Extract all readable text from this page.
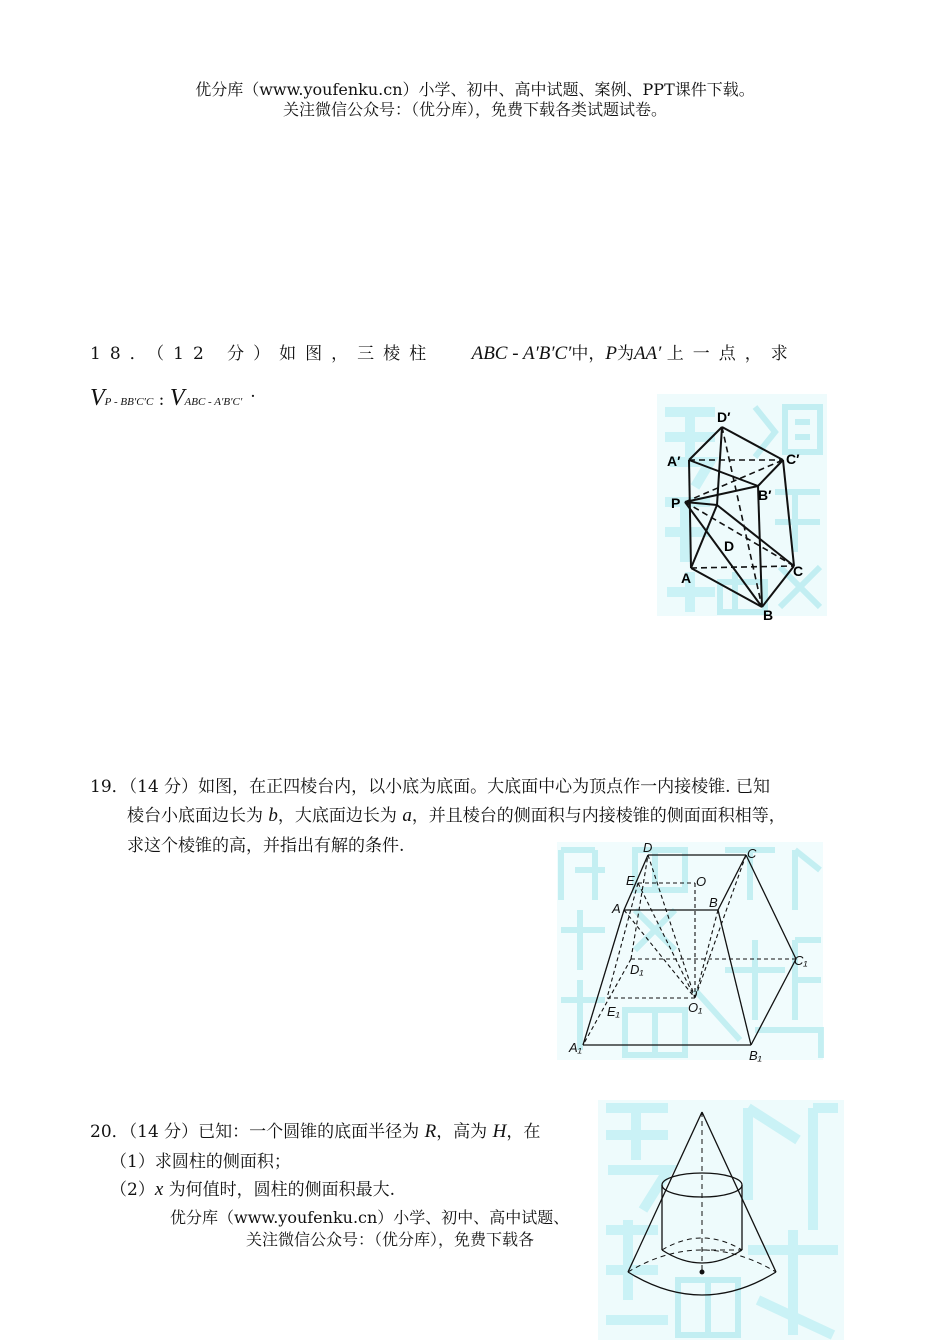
优分库（www.youfenku.cn）小学、初中、高中试题、案例、PPT课件下载。
关注微信公众号：（优分库），免费下载各类试题试卷。
18．（12 分）如图，三棱柱 ABC - A′B′C′中，P为AA′ 上一点，求
VP - BB′C′C : VABC - A′B′C′ .
D′
A′	C′
B′
P
D
A	C
B
19．（14 分）如图，在正四棱台内，以小底为底面。大底面中心为顶点作一内接棱锥. 已知
棱台小底面边长为 b，大底面边长为 a，并且棱台的侧面积与内接棱锥的侧面面积相等，
求这个棱锥的高，并指出有解的条件.	D	C
E	O
A	B
D₁
C₁
O₁
E₁
A₁
B₁
20．（14 分）已知：一个圆锥的底面半径为 R，高为 H，在
（1）求圆柱的侧面积；
（2）x 为何值时，圆柱的侧面积最大.
优分库（www.youfenku.cn）小学、初中、高中试题、
关注微信公众号：（优分库），免费下载各
